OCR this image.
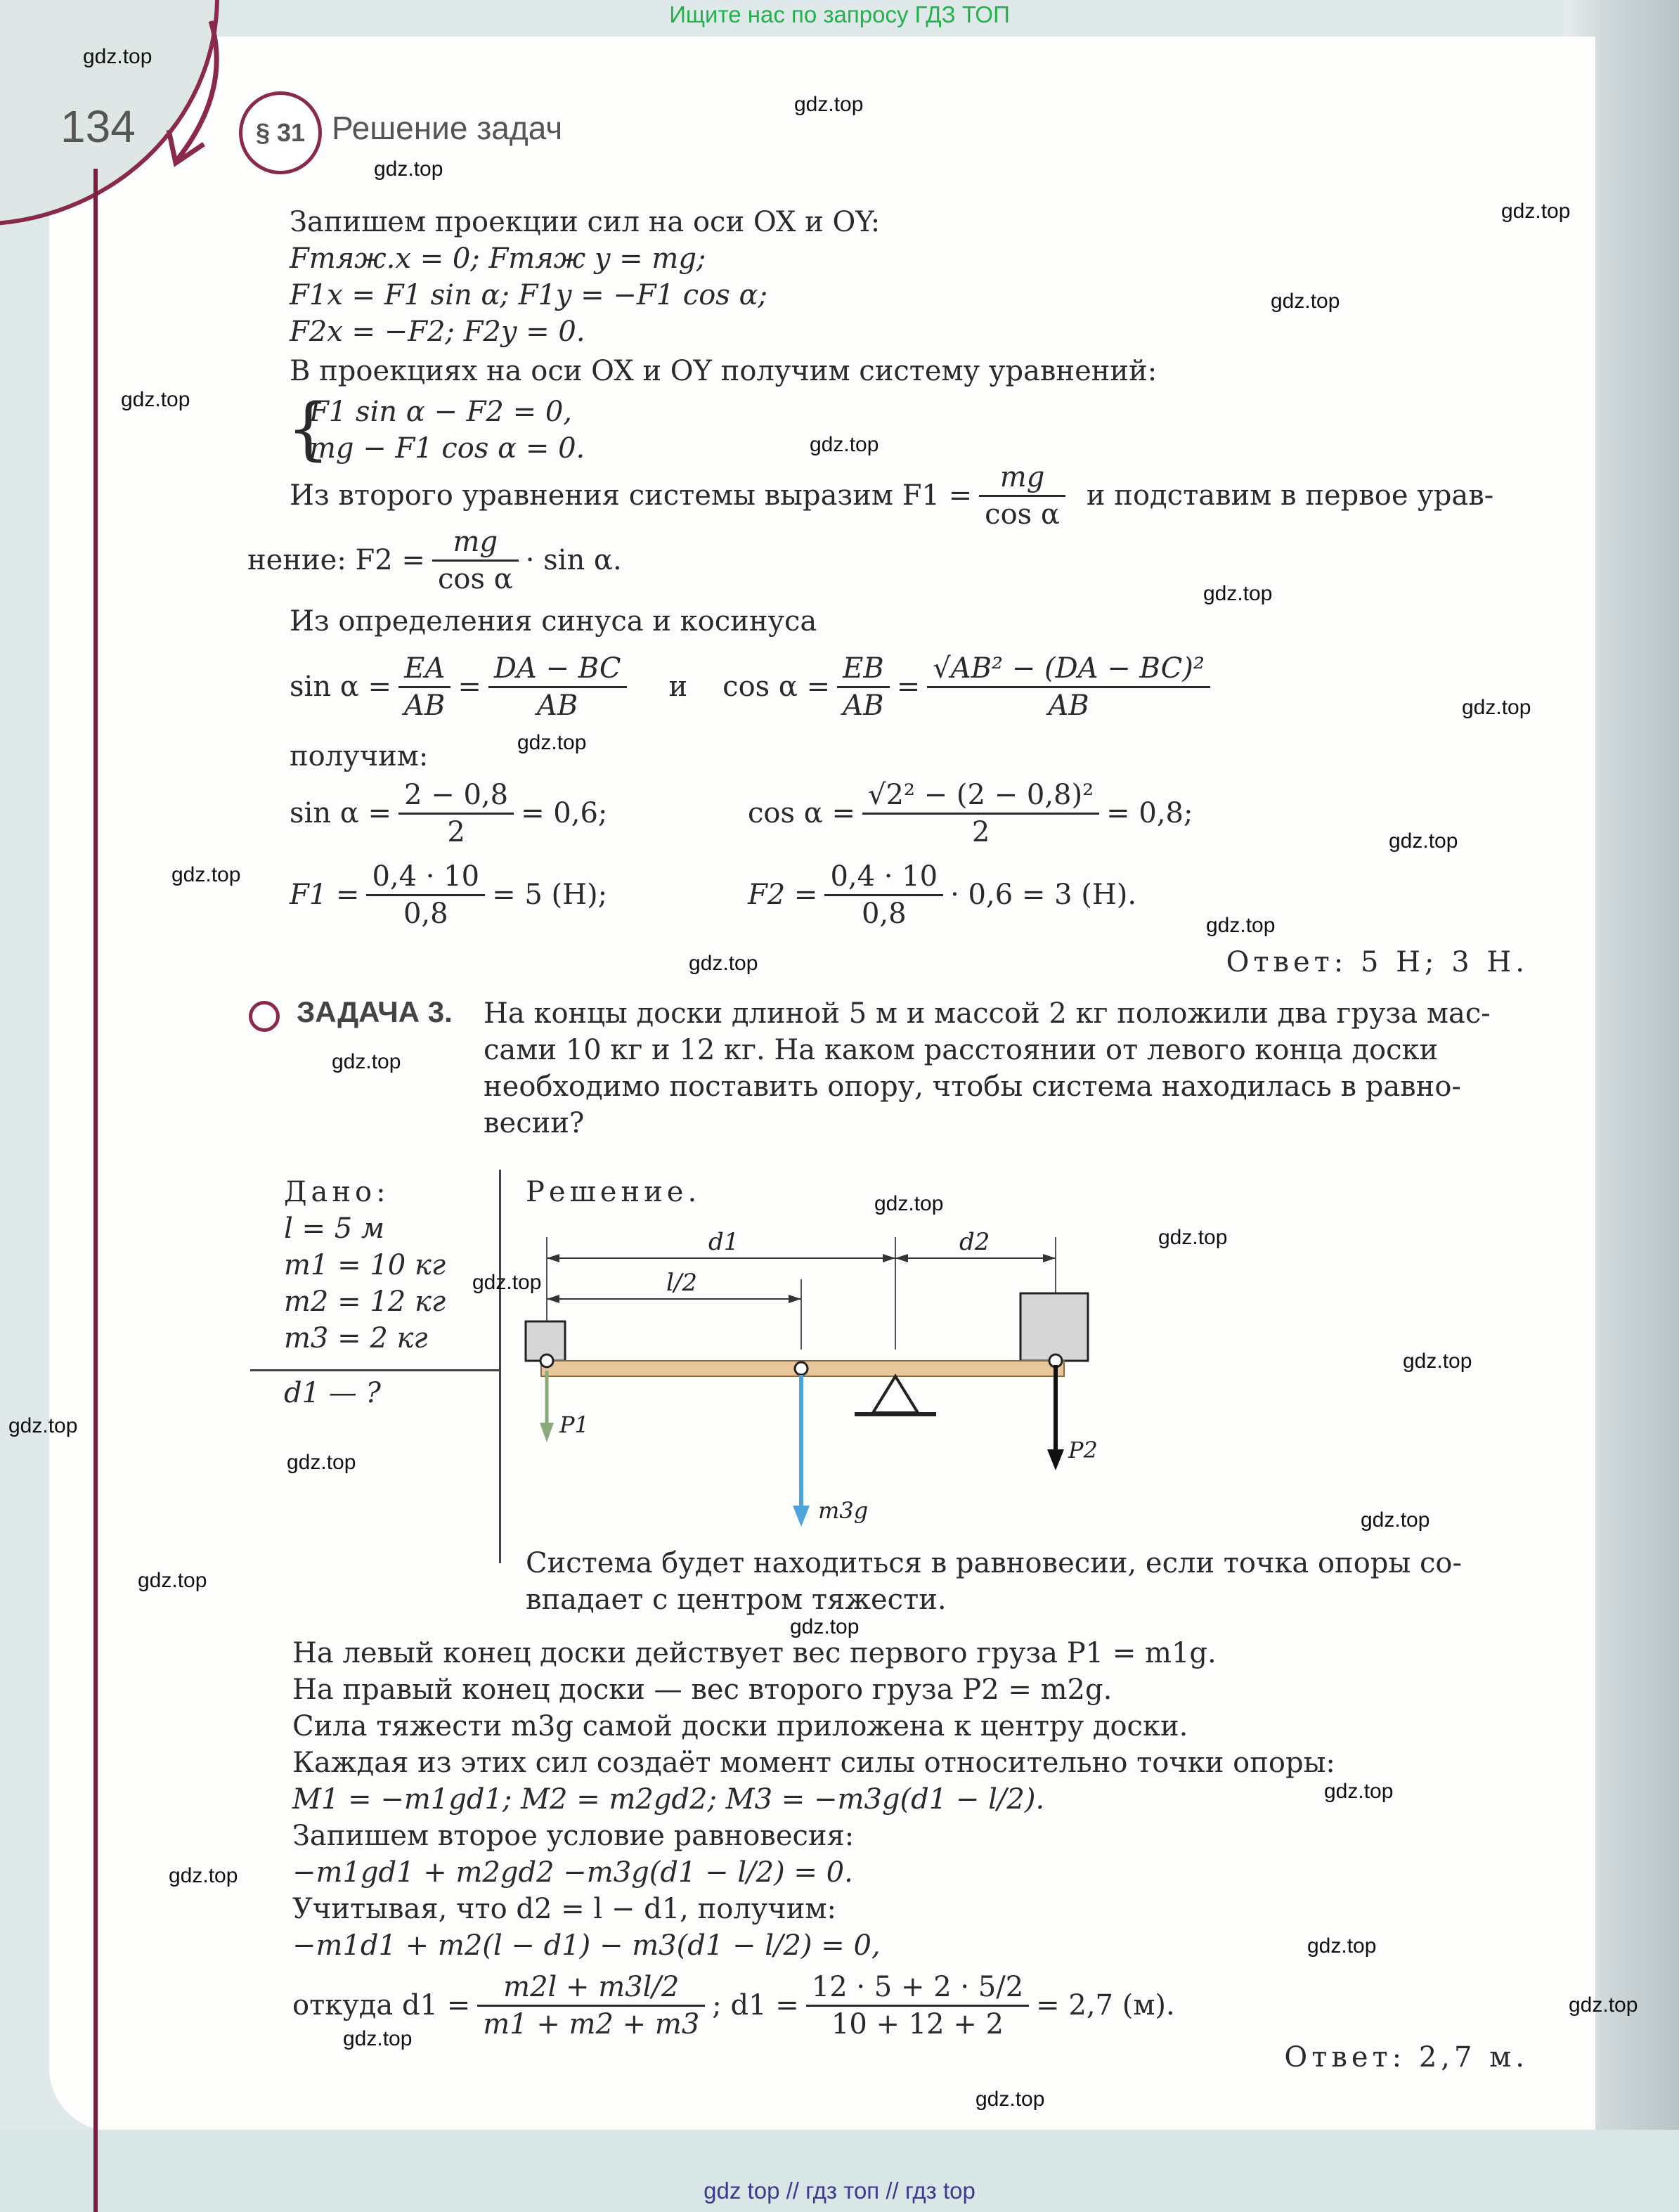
Ищите нас по запросу ГДЗ ТОП
134	§ 31 Решение задач
Запишем проекции сил на оси OX и OY:
Fтяж.x = 0; Fтяж y = mg;
F1x = F1 sin α; F1y = −F1 cos α;
F2x = −F2; F2y = 0.
В проекциях на оси OX и OY получим систему уравнений:
{
F1 sin α − F2 = 0,
mg − F1 cos α = 0.
Из второго уравнения системы выразим $F1 = \frac{mg}{\text{cos α}}$ и подставим в первое урав-
нение: $F2 = \frac{mg}{\text{cos α}} \cdot \sin \alpha$.
Из определения синуса и косинуса
$\sin \alpha = \frac{EA}{AB} = \frac{DA - BC}{AB}$ и $\cos \alpha = \frac{EB}{AB} = \frac{\text{√AB² − (DA − BC)²}}{AB}$
получим:
$\sin \alpha = \frac{2 - 0,8}{2} = 0,6$;	$\cos \alpha = \frac{\text{√2² − (2 − 0,8)²}}{2} = 0,8$;
$F1 = \frac{0,4 \cdot 10}{0,8} = 5$ (Н);	$F2 = \frac{0,4 \cdot 10}{0,8} \cdot 0,6 = 3$ (Н).
Ответ: 5 Н; 3 Н.
ЗАДАЧА 3. На концы доски длиной 5 м и массой 2 кг положили два груза мас-
сами 10 кг и 12 кг. На каком расстоянии от левого конца доски
необходимо поставить опору, чтобы система находилась в равно-
весии?
Дано:
l = 5 м
m1 = 10 кг
m2 = 12 кг
m3 = 2 кг
d1 — ?
Решение.
d1	d2
l/2
P1
P2
m3g
Система будет находиться в равновесии, если точка опоры со-
впадает с центром тяжести.
На левый конец доски действует вес первого груза P1 = m1g.
На правый конец доски — вес второго груза P2 = m2g.
Сила тяжести m3g самой доски приложена к центру доски.
Каждая из этих сил создаёт момент силы относительно точки опоры:
M1 = −m1gd1; M2 = m2gd2; M3 = −m3g(d1 − l/2).
Запишем второе условие равновесия:
−m1gd1 + m2gd2 −m3g(d1 − l/2) = 0.
Учитывая, что d2 = l − d1, получим:
−m1d1 + m2(l − d1) − m3(d1 − l/2) = 0,
откуда $d1 = \frac{m2l + m3l/2}{m1 + m2 + m3}$ ; $d1 = \frac{12 \cdot 5 + 2 \cdot 5/2}{10 + 12 + 2} = 2,7$ (м).
Ответ: 2,7 м.
gdz.top
gdz.top
gdz.top
gdz.top
gdz.top
gdz.top
gdz.top
gdz.top
gdz.top
gdz.top
gdz.top
gdz.top
gdz.top
gdz.top
gdz.top
gdz.top
gdz.top
gdz.top
gdz.top
gdz.top
gdz.top
gdz.top
gdz.top
gdz.top
gdz.top
gdz.top
gdz.top
gdz.top
gdz.top
gdz.top
gdz top // гдз топ // гдз top
